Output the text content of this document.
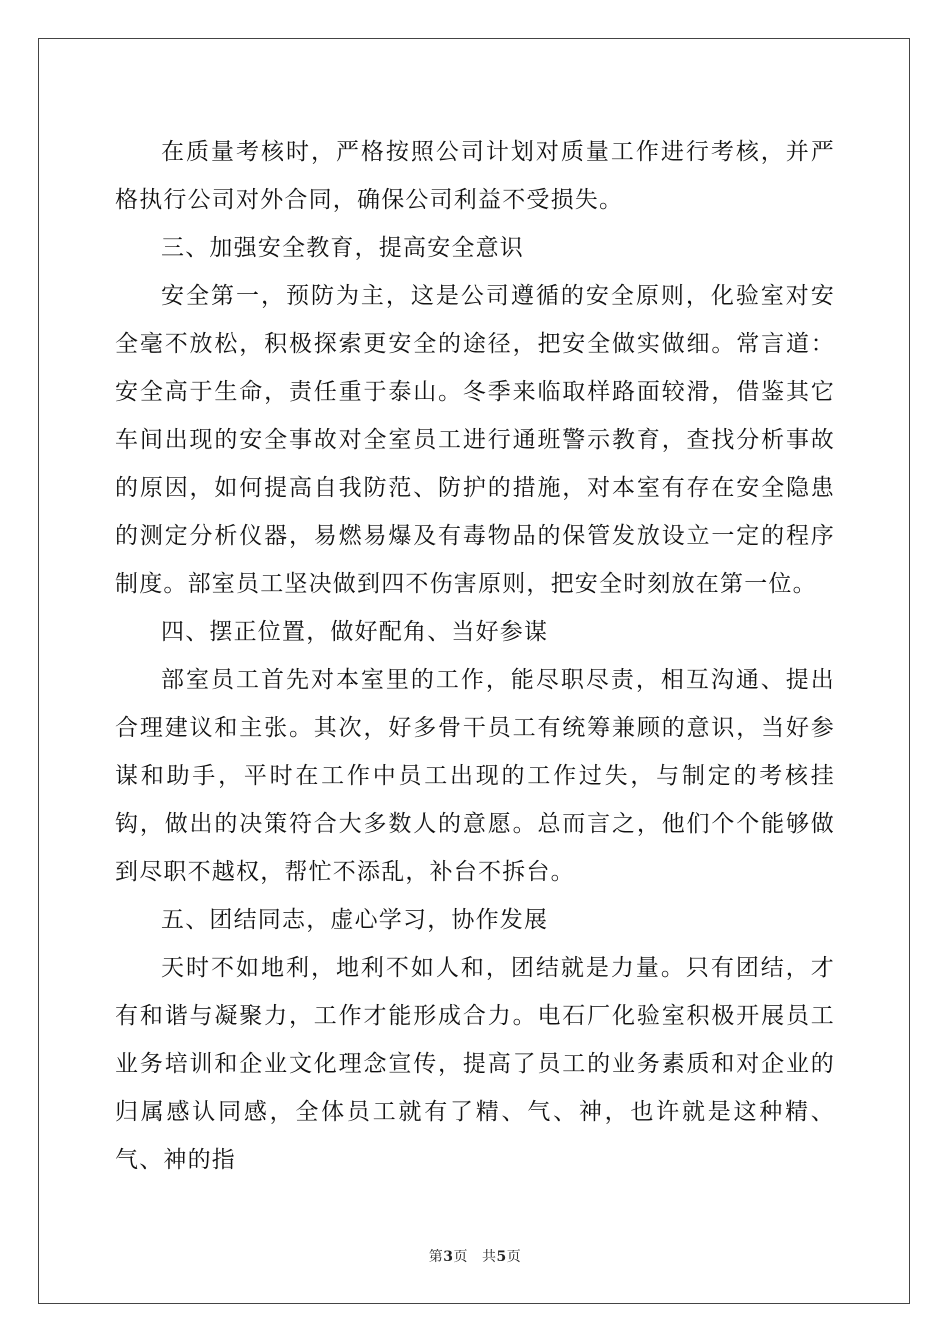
在质量考核时，严格按照公司计划对质量工作进行考核，并严格执行公司对外合同，确保公司利益不受损失。

三、加强安全教育，提高安全意识

安全第一，预防为主，这是公司遵循的安全原则，化验室对安全毫不放松，积极探索更安全的途径，把安全做实做细。常言道：安全高于生命，责任重于泰山。冬季来临取样路面较滑，借鉴其它车间出现的安全事故对全室员工进行通班警示教育，查找分析事故的原因，如何提高自我防范、防护的措施，对本室有存在安全隐患的测定分析仪器，易燃易爆及有毒物品的保管发放设立一定的程序制度。部室员工坚决做到四不伤害原则，把安全时刻放在第一位。

四、摆正位置，做好配角、当好参谋

部室员工首先对本室里的工作，能尽职尽责，相互沟通、提出合理建议和主张。其次，好多骨干员工有统筹兼顾的意识，当好参谋和助手，平时在工作中员工出现的工作过失，与制定的考核挂钩，做出的决策符合大多数人的意愿。总而言之，他们个个能够做到尽职不越权，帮忙不添乱，补台不拆台。

五、团结同志，虚心学习，协作发展

天时不如地利，地利不如人和，团结就是力量。只有团结，才有和谐与凝聚力，工作才能形成合力。电石厂化验室积极开展员工业务培训和企业文化理念宣传，提高了员工的业务素质和对企业的归属感认同感，全体员工就有了精、气、神，也许就是这种精、气、神的指

第3页 共5页
